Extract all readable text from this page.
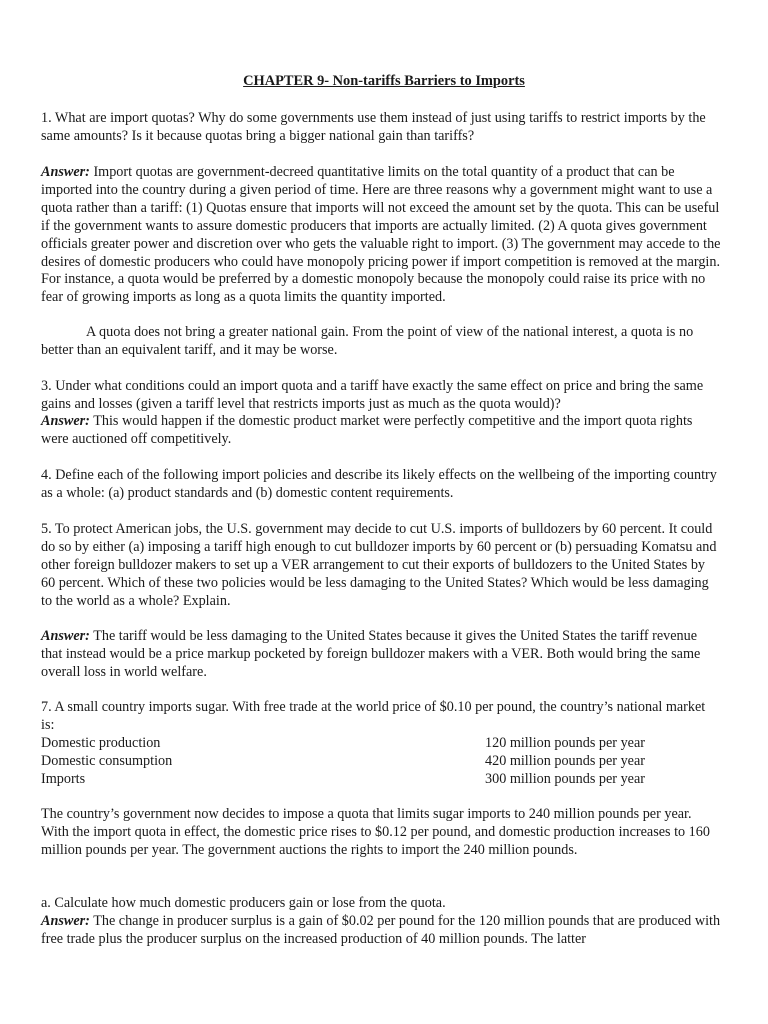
CHAPTER 9- Non-tariffs Barriers to Imports

1. What are import quotas? Why do some governments use them instead of just using tariffs to restrict imports by the same amounts? Is it because quotas bring a bigger national gain than tariffs?

Answer: Import quotas are government-decreed quantitative limits on the total quantity of a product that can be imported into the country during a given period of time. Here are three reasons why a government might want to use a quota rather than a tariff: (1) Quotas ensure that imports will not exceed the amount set by the quota. This can be useful if the government wants to assure domestic producers that imports are actually limited. (2) A quota gives government officials greater power and discretion over who gets the valuable right to import. (3) The government may accede to the desires of domestic producers who could have monopoly pricing power if import competition is removed at the margin. For instance, a quota would be preferred by a domestic monopoly because the monopoly could raise its price with no fear of growing imports as long as a quota limits the quantity imported.

A quota does not bring a greater national gain. From the point of view of the national interest, a quota is no better than an equivalent tariff, and it may be worse.

3. Under what conditions could an import quota and a tariff have exactly the same effect on price and bring the same gains and losses (given a tariff level that restricts imports just as much as the quota would)?

Answer: This would happen if the domestic product market were perfectly competitive and the import quota rights were auctioned off competitively.

4. Define each of the following import policies and describe its likely effects on the wellbeing of the importing country as a whole: (a) product standards and (b) domestic content requirements.

5. To protect American jobs, the U.S. government may decide to cut U.S. imports of bulldozers by 60 percent. It could do so by either (a) imposing a tariff high enough to cut bulldozer imports by 60 percent or (b) persuading Komatsu and other foreign bulldozer makers to set up a VER arrangement to cut their exports of bulldozers to the United States by 60 percent. Which of these two policies would be less damaging to the United States? Which would be less damaging to the world as a whole? Explain.

Answer: The tariff would be less damaging to the United States because it gives the United States the tariff revenue that instead would be a price markup pocketed by foreign bulldozer makers with a VER. Both would bring the same overall loss in world welfare.

7. A small country imports sugar. With free trade at the world price of $0.10 per pound, the country’s national market is:

Domestic production	120 million pounds per year
Domestic consumption	420 million pounds per year
Imports	300 million pounds per year

The country’s government now decides to impose a quota that limits sugar imports to 240 million pounds per year. With the import quota in effect, the domestic price rises to $0.12 per pound, and domestic production increases to 160 million pounds per year. The government auctions the rights to import the 240 million pounds.

a. Calculate how much domestic producers gain or lose from the quota.

Answer: The change in producer surplus is a gain of $0.02 per pound for the 120 million pounds that are produced with free trade plus the producer surplus on the increased production of 40 million pounds. The latter
